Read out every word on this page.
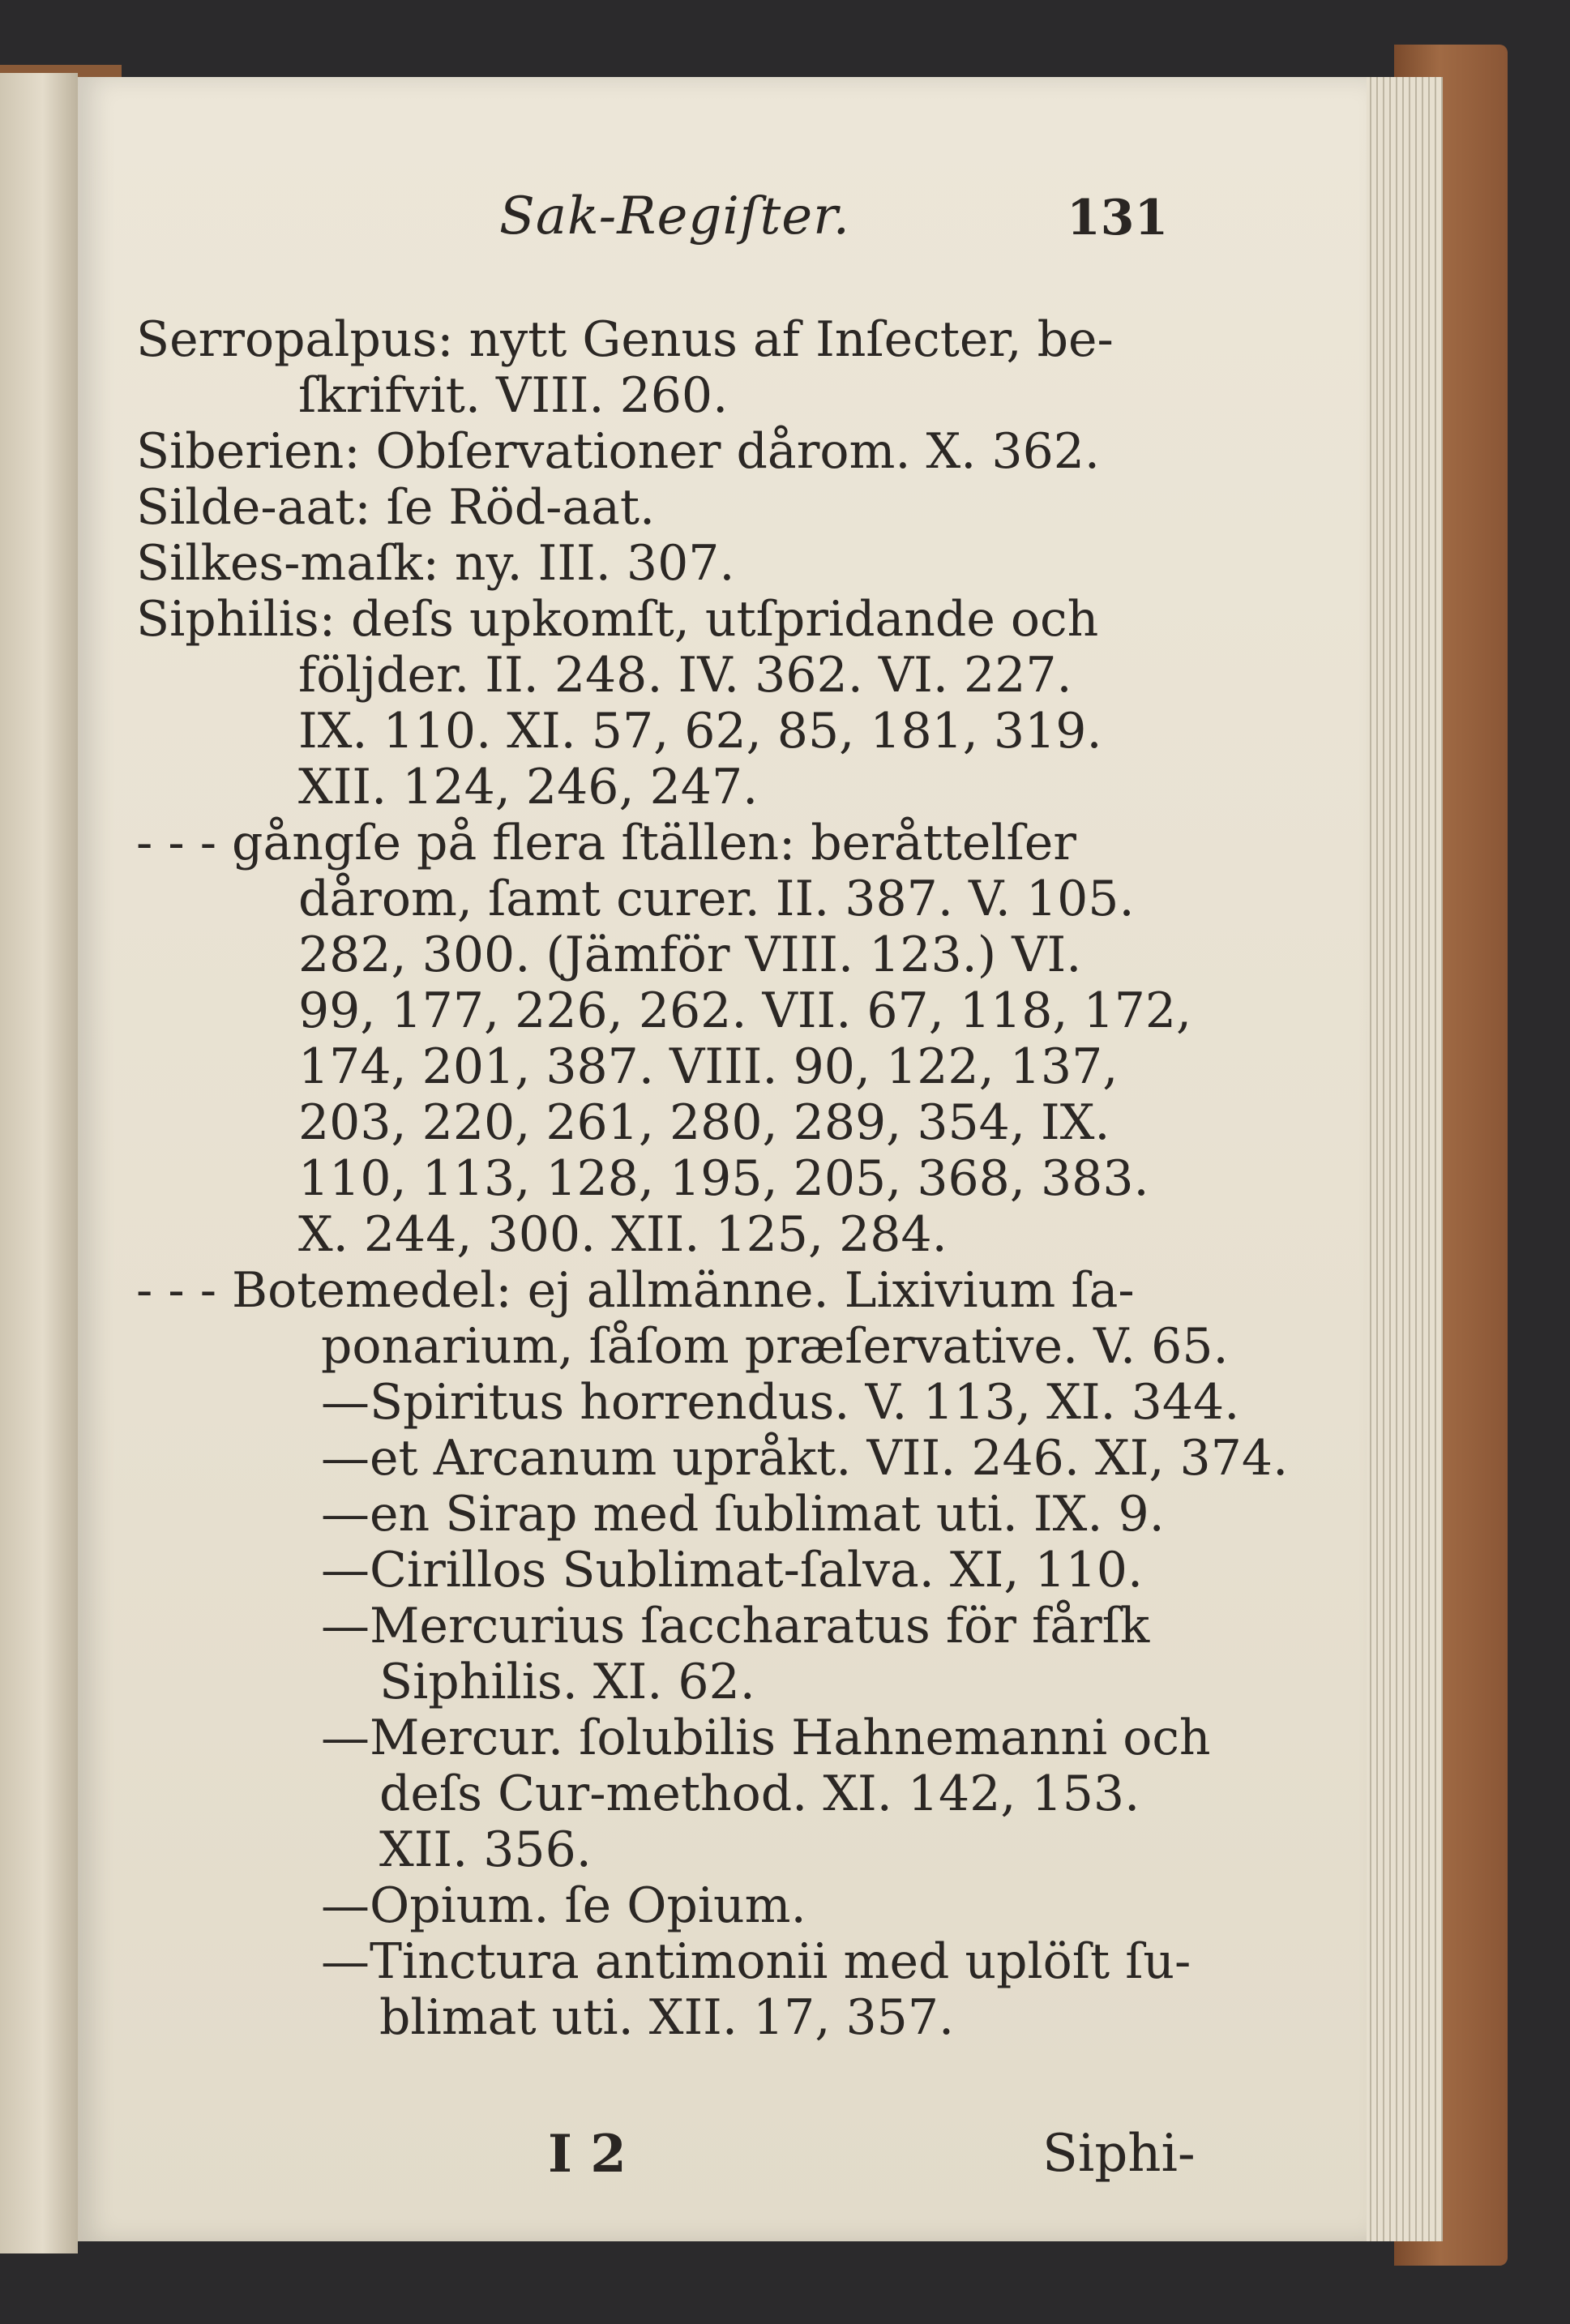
Sak-Regiſter.	131
Serropalpus: nytt Genus af Inſecter, be-
ſkrifvit. VIII. 260.
Siberien: Obſervationer dårom. X. 362.
Silde-aat: ſe Röd-aat.
Silkes-maſk: ny. III. 307.
Siphilis: deſs upkomſt, utſpridande och
följder. II. 248. IV. 362. VI. 227.
IX. 110. XI. 57, 62, 85, 181, 319.
XII. 124, 246, 247.
- - - gångſe på flera ſtällen: beråttelſer
dårom, ſamt curer. II. 387. V. 105.
282, 300. (Jämför VIII. 123.) VI.
99, 177, 226, 262. VII. 67, 118, 172,
174, 201, 387. VIII. 90, 122, 137,
203, 220, 261, 280, 289, 354, IX.
110, 113, 128, 195, 205, 368, 383.
X. 244, 300. XII. 125, 284.
- - - Botemedel: ej allmänne. Lixivium ſa-
ponarium, ſåſom præſervative. V. 65.
—Spiritus horrendus. V. 113, XI. 344.
—et Arcanum upråkt. VII. 246. XI, 374.
—en Sirap med ſublimat uti. IX. 9.
—Cirillos Sublimat-ſalva. XI, 110.
—Mercurius ſaccharatus för fårſk
Siphilis. XI. 62.
—Mercur. ſolubilis Hahnemanni och
deſs Cur-method. XI. 142, 153.
XII. 356.
—Opium. ſe Opium.
—Tinctura antimonii med uplöſt ſu-
blimat uti. XII. 17, 357.
I 2	Siphi-
